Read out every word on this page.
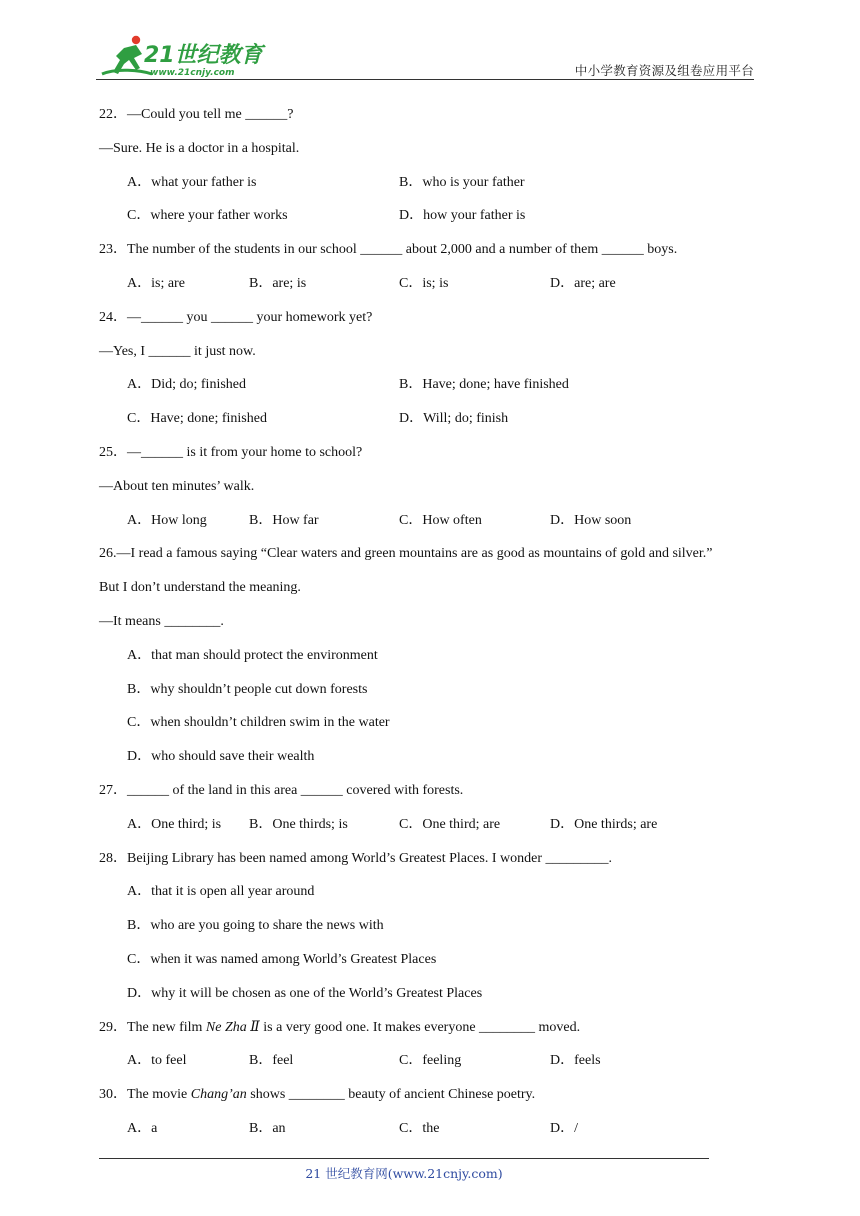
21世纪教育
www.21cnjy.com	中小学教育资源及组卷应用平台
22．—Could you tell me ______?
—Sure. He is a doctor in a hospital.
A．what your father is	B．who is your father
C．where your father works	D．how your father is
23．The number of the students in our school ______ about 2,000 and a number of them ______ boys.
A．is; are	B．are; is	C．is; is	D．are; are
24．—______ you ______ your homework yet?
—Yes, I ______ it just now.
A．Did; do; finished	B．Have; done; have finished
C．Have; done; finished	D．Will; do; finish
25．—______ is it from your home to school?
—About ten minutes’ walk.
A．How long	B．How far	C．How often	D．How soon
26.—I read a famous saying “Clear waters and green mountains are as good as mountains of gold and silver.”
But I don’t understand the meaning.
—It means ________.
A．that man should protect the environment
B．why shouldn’t people cut down forests
C．when shouldn’t children swim in the water
D．who should save their wealth
27．______ of the land in this area ______ covered with forests.
A．One third; is B．One thirds; is	C．One third; are	D．One thirds; are
28．Beijing Library has been named among World’s Greatest Places. I wonder _________.
A．that it is open all year around
B．who are you going to share the news with
C．when it was named among World’s Greatest Places
D．why it will be chosen as one of the World’s Greatest Places
29．The new film Ne Zha Ⅱ is a very good one. It makes everyone ________ moved.
A．to feel	B．feel	C．feeling	D．feels
30．The movie Chang’an shows ________ beauty of ancient Chinese poetry.
A．a	B．an	C．the	D．/
21 世纪教育网(www.21cnjy.com)
